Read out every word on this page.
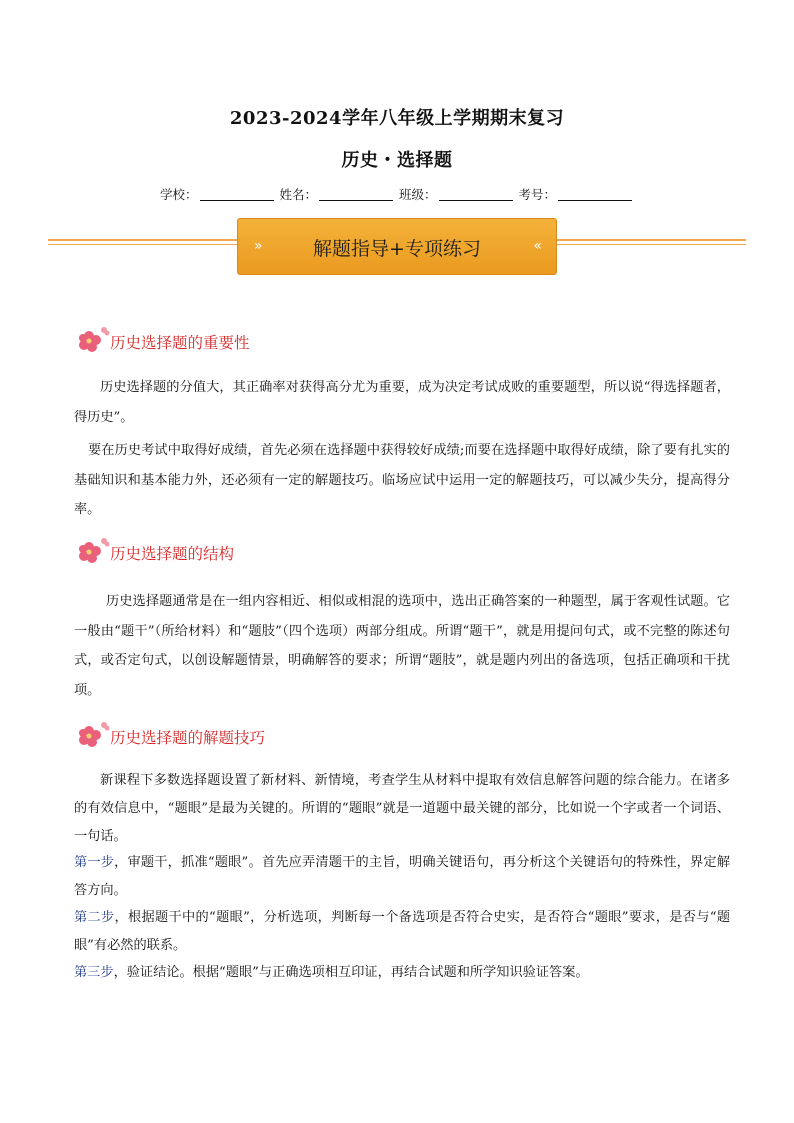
2023-2024学年八年级上学期期末复习
历史・选择题
学校：	姓名：	班级：	考号：
»	解题指导+专项练习	«
历史选择题的重要性
历史选择题的分值大，其正确率对获得高分尤为重要，成为决定考试成败的重要题型，所以说“得选择题者，得历史”。
要在历史考试中取得好成绩，首先必须在选择题中获得较好成绩;而要在选择题中取得好成绩，除了要有扎实的基础知识和基本能力外，还必须有一定的解题技巧。临场应试中运用一定的解题技巧，可以减少失分，提高得分率。
历史选择题的结构
历史选择题通常是在一组内容相近、相似或相混的选项中，选出正确答案的一种题型，属于客观性试题。它一般由“题干”（所给材料）和“题肢”（四个选项）两部分组成。所谓“题干”，就是用提问句式，或不完整的陈述句式，或否定句式，以创设解题情景，明确解答的要求；所谓“题肢”，就是题内列出的备选项，包括正确项和干扰项。
历史选择题的解题技巧
新课程下多数选择题设置了新材料、新情境，考查学生从材料中提取有效信息解答问题的综合能力。在诸多的有效信息中，“题眼”是最为关键的。所谓的“题眼”就是一道题中最关键的部分，比如说一个字或者一个词语、一句话。
第一步，审题干，抓准“题眼”。首先应弄清题干的主旨，明确关键语句，再分析这个关键语句的特殊性，界定解答方向。
第二步，根据题干中的“题眼”，分析选项，判断每一个备选项是否符合史实，是否符合“题眼”要求，是否与“题眼”有必然的联系。
第三步，验证结论。根据“题眼”与正确选项相互印证，再结合试题和所学知识验证答案。
